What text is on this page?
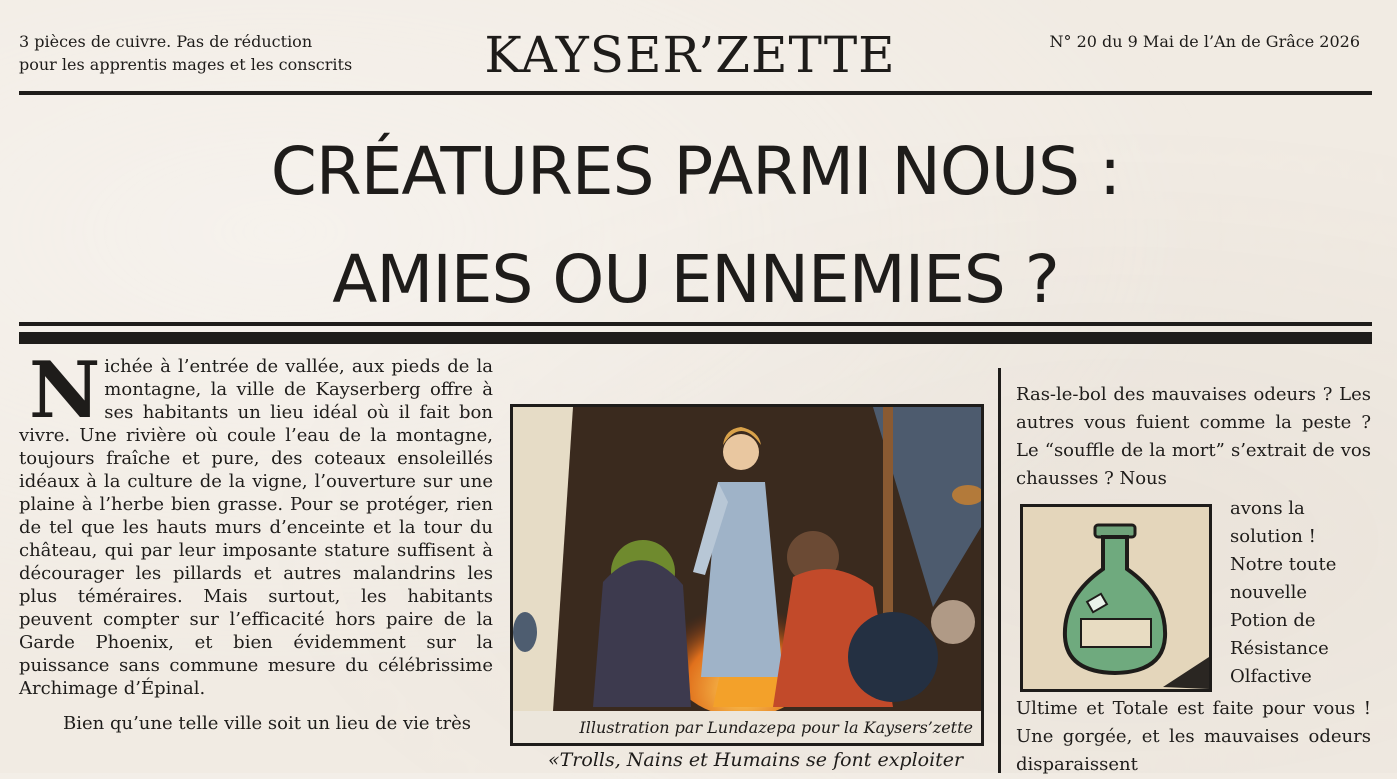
3 pièces de cuivre. Pas de réduction
pour les apprentis mages et les conscrits	KAYSER’ZETTE	N° 20 du 9 Mai de l’An de Grâce 2026
CRÉATURES PARMI NOUS :
AMIES OU ENNEMIES ?

Nichée à l’entrée de vallée, aux pieds de la montagne, la ville de Kayserberg offre à ses habitants un lieu idéal où il fait bon vivre. Une rivière où coule l’eau de la montagne, toujours fraîche et pure, des coteaux ensoleillés idéaux à la culture de la vigne, l’ouverture sur une plaine à l’herbe bien grasse. Pour se protéger, rien de tel que les hauts murs d’enceinte et la tour du château, qui par leur imposante stature suffisent à décourager les pillards et autres malandrins les plus téméraires. Mais surtout, les habitants peuvent compter sur l’efficacité hors paire de la Garde Phoenix, et bien évidemment sur la puissance sans commune mesure du célébrissime Archimage d’Épinal.

Bien qu’une telle ville soit un lieu de vie très	Illustration par Lundazepa pour la Kaysers’zette
«Trolls, Nains et Humains se font exploiter
Ras-le-bol des mauvaises odeurs ? Les autres vous fuient comme la peste ? Le “souffle de la mort” s’extrait de vos chausses ? Nous
avons la
solution !
Notre toute
nouvelle
Potion de
Résistance
Olfactive
Ultime et Totale est faite pour vous ! Une gorgée, et les mauvaises odeurs disparaissent
